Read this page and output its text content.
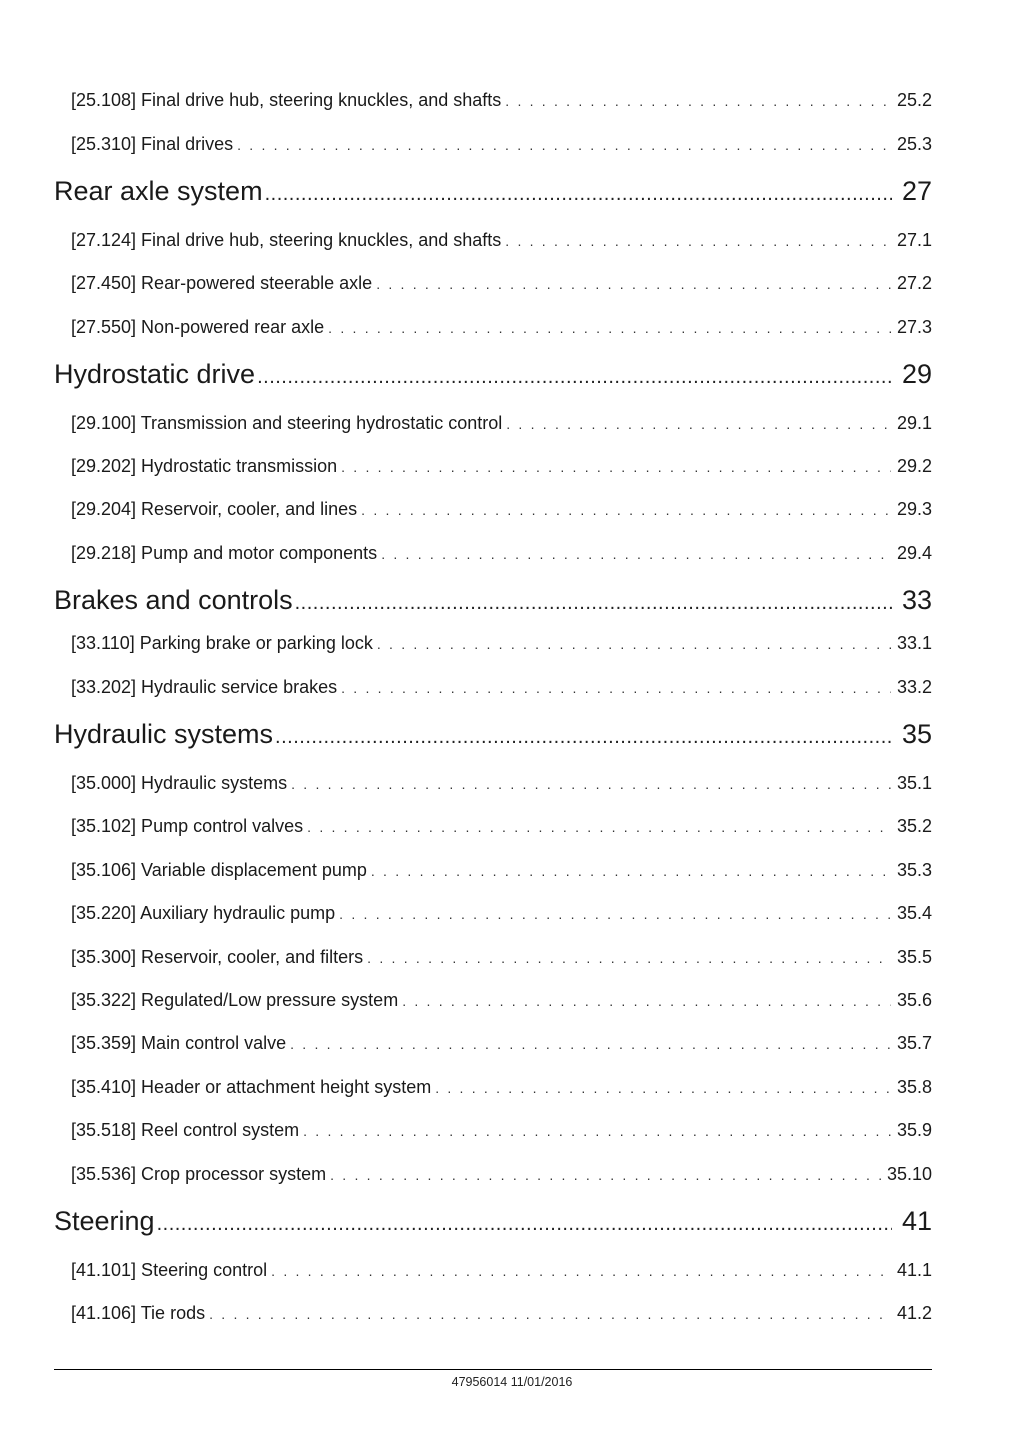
[25.108] Final drive hub, steering knuckles, and shafts . . .	25.2
[25.310] Final drives . . .	25.3
Rear axle system .....	27
[27.124] Final drive hub, steering knuckles, and shafts . . .	27.1
[27.450] Rear-powered steerable axle . . .	27.2
[27.550] Non-powered rear axle . . .	27.3
Hydrostatic drive .....	29
[29.100] Transmission and steering hydrostatic control . . .	29.1
[29.202] Hydrostatic transmission . . .	29.2
[29.204] Reservoir, cooler, and lines . . .	29.3
[29.218] Pump and motor components . . .	29.4
Brakes and controls .....	33
[33.110] Parking brake or parking lock . . .	33.1
[33.202] Hydraulic service brakes . . .	33.2
Hydraulic systems .....	35
[35.000] Hydraulic systems . . .	35.1
[35.102] Pump control valves . . .	35.2
[35.106] Variable displacement pump . . .	35.3
[35.220] Auxiliary hydraulic pump . . .	35.4
[35.300] Reservoir, cooler, and filters . . .	35.5
[35.322] Regulated/Low pressure system . . .	35.6
[35.359] Main control valve . . .	35.7
[35.410] Header or attachment height system . . .	35.8
[35.518] Reel control system . . .	35.9
[35.536] Crop processor system . . .	35.10
Steering .....	41
[41.101] Steering control . . .	41.1
[41.106] Tie rods . . .	41.2
47956014 11/01/2016
